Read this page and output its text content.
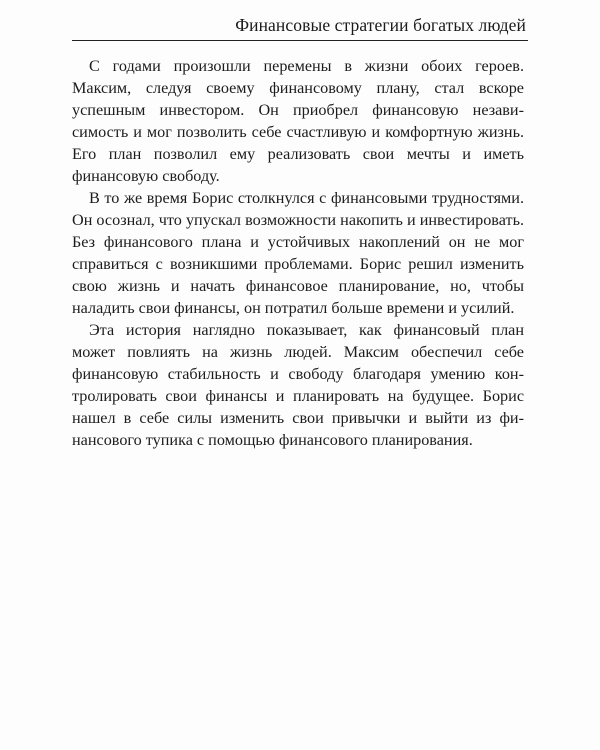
Финансовые стратегии богатых людей

С годами произошли перемены в жизни обоих героев. Максим, следуя своему финансовому плану, стал вскоре успешным инвестором. Он приобрел финансовую независимость и мог позволить себе счастливую и комфортную жизнь. Его план позволил ему реализовать свои мечты и иметь финансовую свободу.

В то же время Борис столкнулся с финансовыми трудностями. Он осознал, что упускал возможности накопить и инвестировать. Без финансового плана и устойчивых накоплений он не мог справиться с возникшими проблемами. Борис решил изменить свою жизнь и начать финансовое планирование, но, чтобы наладить свои финансы, он потратил больше времени и усилий.

Эта история наглядно показывает, как финансовый план может повлиять на жизнь людей. Максим обеспечил себе финансовую стабильность и свободу благодаря умению контролировать свои финансы и планировать на будущее. Борис нашел в себе силы изменить свои привычки и выйти из финансового тупика с помощью финансового планирования.
